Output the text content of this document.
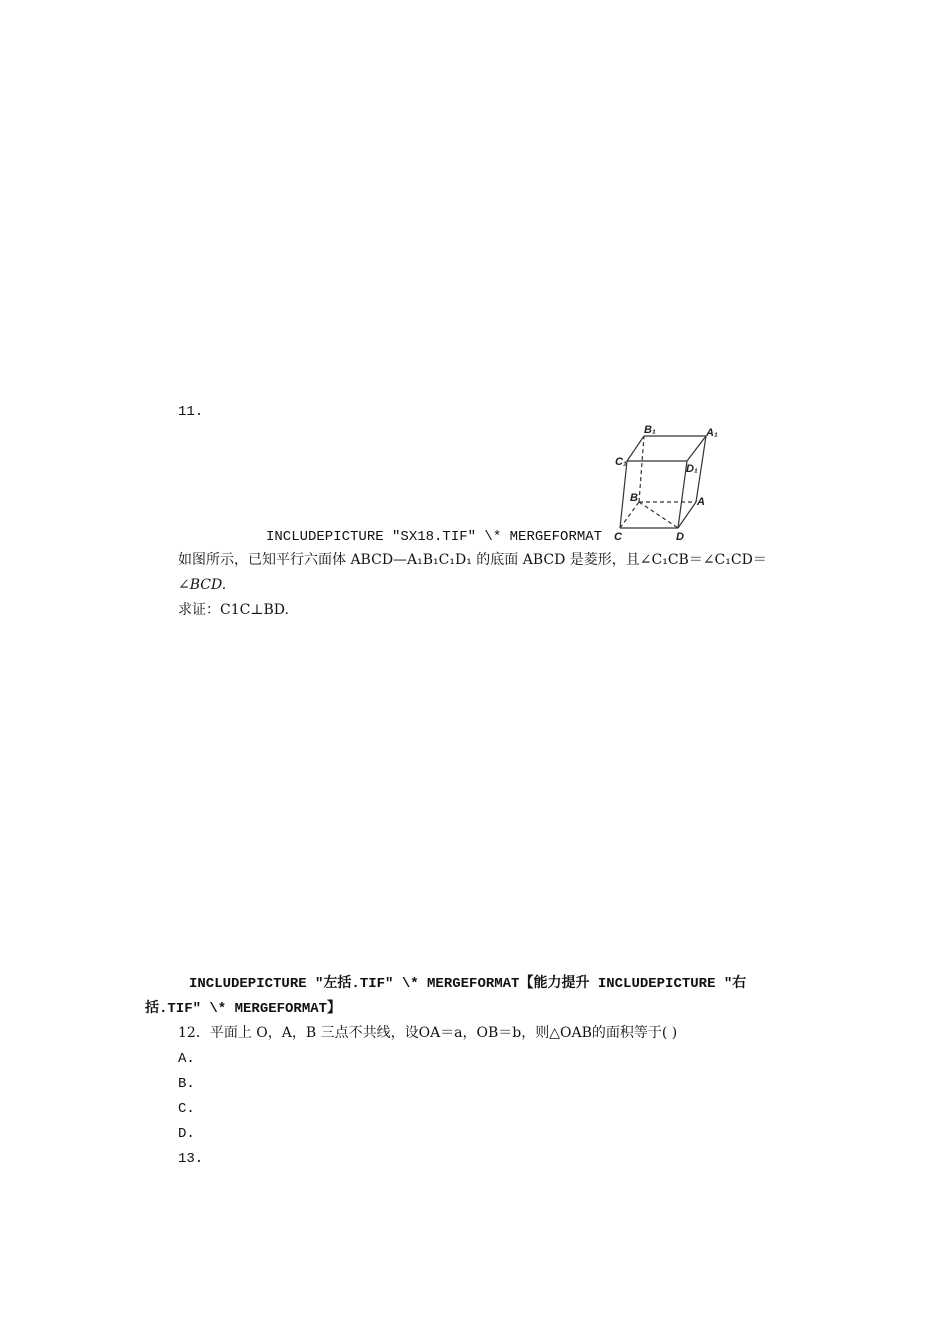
11.
B₁	A₁
C₁
D₁
B	A
C	D
INCLUDEPICTURE "SX18.TIF" \* MERGEFORMAT
如图所示，已知平行六面体 ABCD—A₁B₁C₁D₁ 的底面 ABCD 是菱形，且∠C₁CB＝∠C₁CD＝
∠BCD.
求证：C1C⊥BD.
INCLUDEPICTURE "左括.TIF" \* MERGEFORMAT【能力提升 INCLUDEPICTURE "右
括.TIF" \* MERGEFORMAT】
12．平面上 O，A，B 三点不共线，设OA＝a，OB＝b，则△OAB的面积等于( )
A.
B.
C.
D.
13.
